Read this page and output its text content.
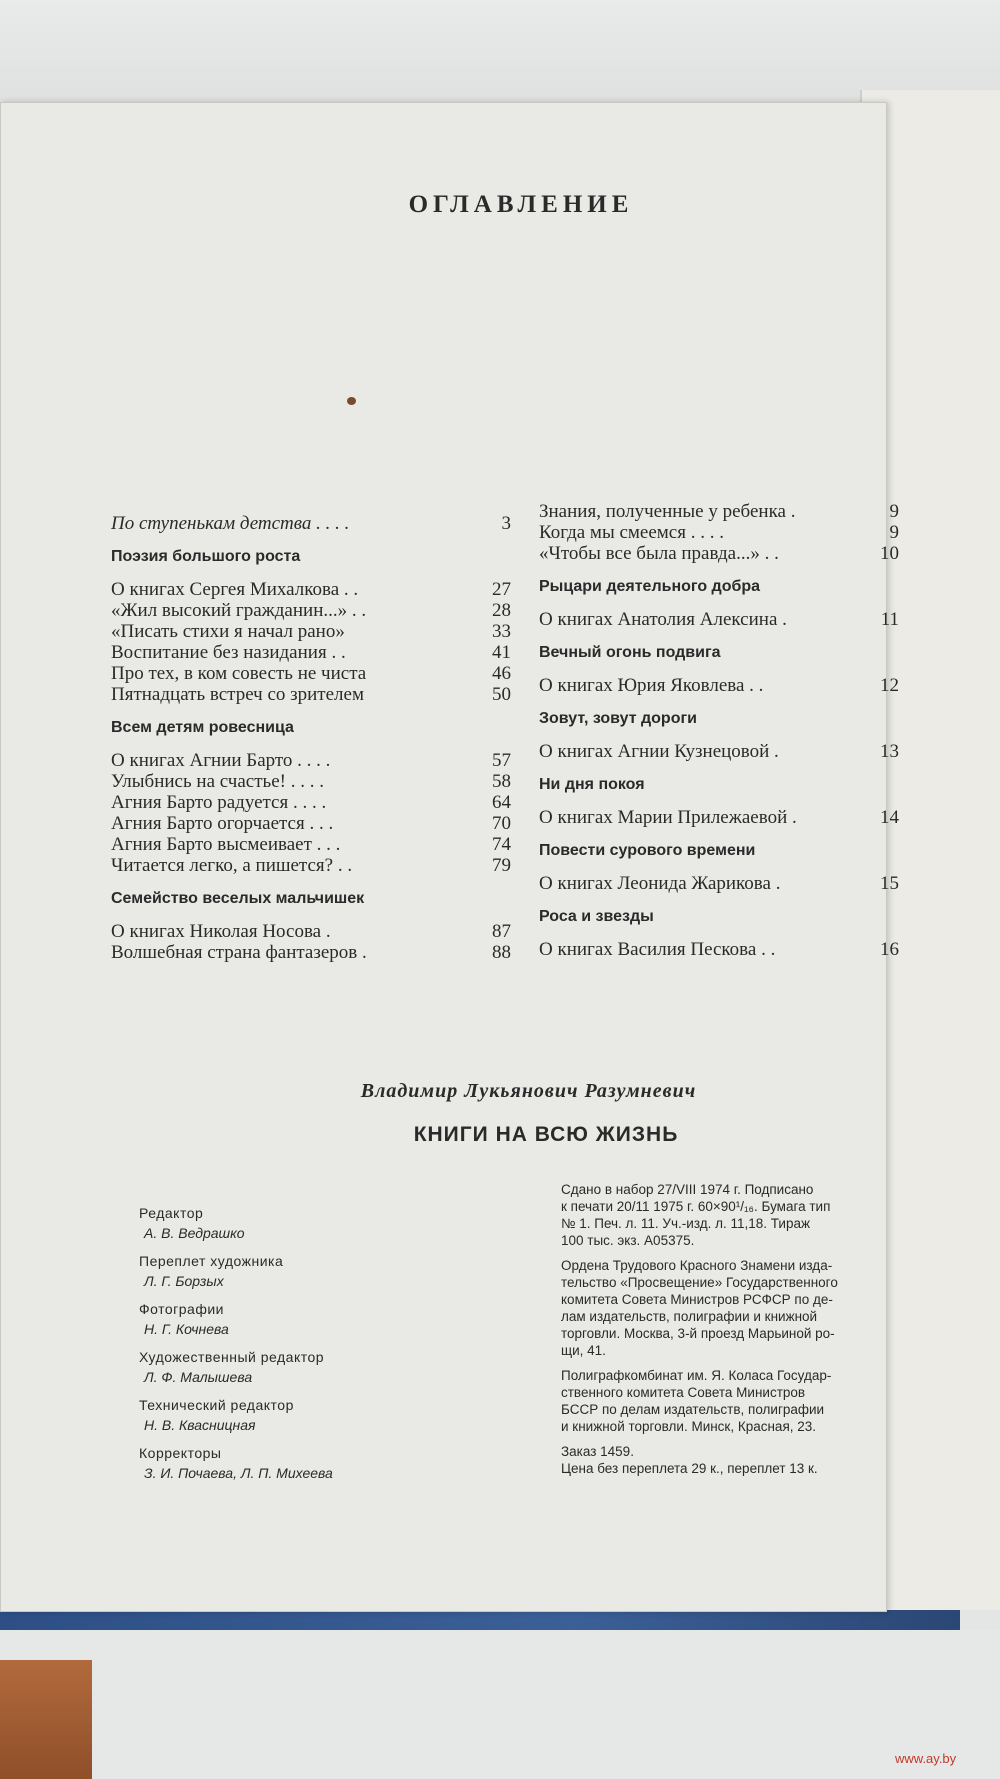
ОГЛАВЛЕНИЕ
По ступенькам детства . . . .	3
Поэзия большого роста
О книгах Сергея Михалкова . .	27
«Жил высокий гражданин...» . .	28
«Писать стихи я начал рано»	33
Воспитание без назидания . .	41
Про тех, в ком совесть не чиста	46
Пятнадцать встреч со зрителем	50
Всем детям ровесница
О книгах Агнии Барто . . . .	57
Улыбнись на счастье! . . . .	58
Агния Барто радуется . . . .	64
Агния Барто огорчается . . .	70
Агния Барто высмеивает . . .	74
Читается легко, а пишется? . .	79
Семейство веселых мальчишек
О книгах Николая Носова .	87
Волшебная страна фантазеров .	88
Знания, полученные у ребенка .	9
Когда мы смеемся . . . .	9
«Чтобы все была правда...» . .	10
Рыцари деятельного добра
О книгах Анатолия Алексина .	11
Вечный огонь подвига
О книгах Юрия Яковлева . .	12
Зовут, зовут дороги
О книгах Агнии Кузнецовой .	13
Ни дня покоя
О книгах Марии Прилежаевой .	14
Повести сурового времени
О книгах Леонида Жарикова .	15
Роса и звезды
О книгах Василия Пескова . .	16
Владимир Лукьянович Разумневич
КНИГИ НА ВСЮ ЖИЗНЬ
Редактор
А. В. Ведрашко
Переплет художника
Л. Г. Борзых
Фотографии
Н. Г. Кочнева
Художественный редактор
Л. Ф. Малышева
Технический редактор
Н. В. Квасницная
Корректоры
З. И. Почаева, Л. П. Михеева
Сдано в набор 27/VIII 1974 г. Подписано
к печати 20/11 1975 г. 60×90¹/₁₆. Бумага тип
№ 1. Печ. л. 11. Уч.-изд. л. 11,18. Тираж
100 тыс. экз. А05375.
Ордена Трудового Красного Знамени изда-
тельство «Просвещение» Государственного
комитета Совета Министров РСФСР по де-
лам издательств, полиграфии и книжной
торговли. Москва, 3-й проезд Марьиной ро-
щи, 41.
Полиграфкомбинат им. Я. Коласа Государ-
ственного комитета Совета Министров
БССР по делам издательств, полиграфии
и книжной торговли. Минск, Красная, 23.
Заказ 1459.
Цена без переплета 29 к., переплет 13 к.
www.ay.by
